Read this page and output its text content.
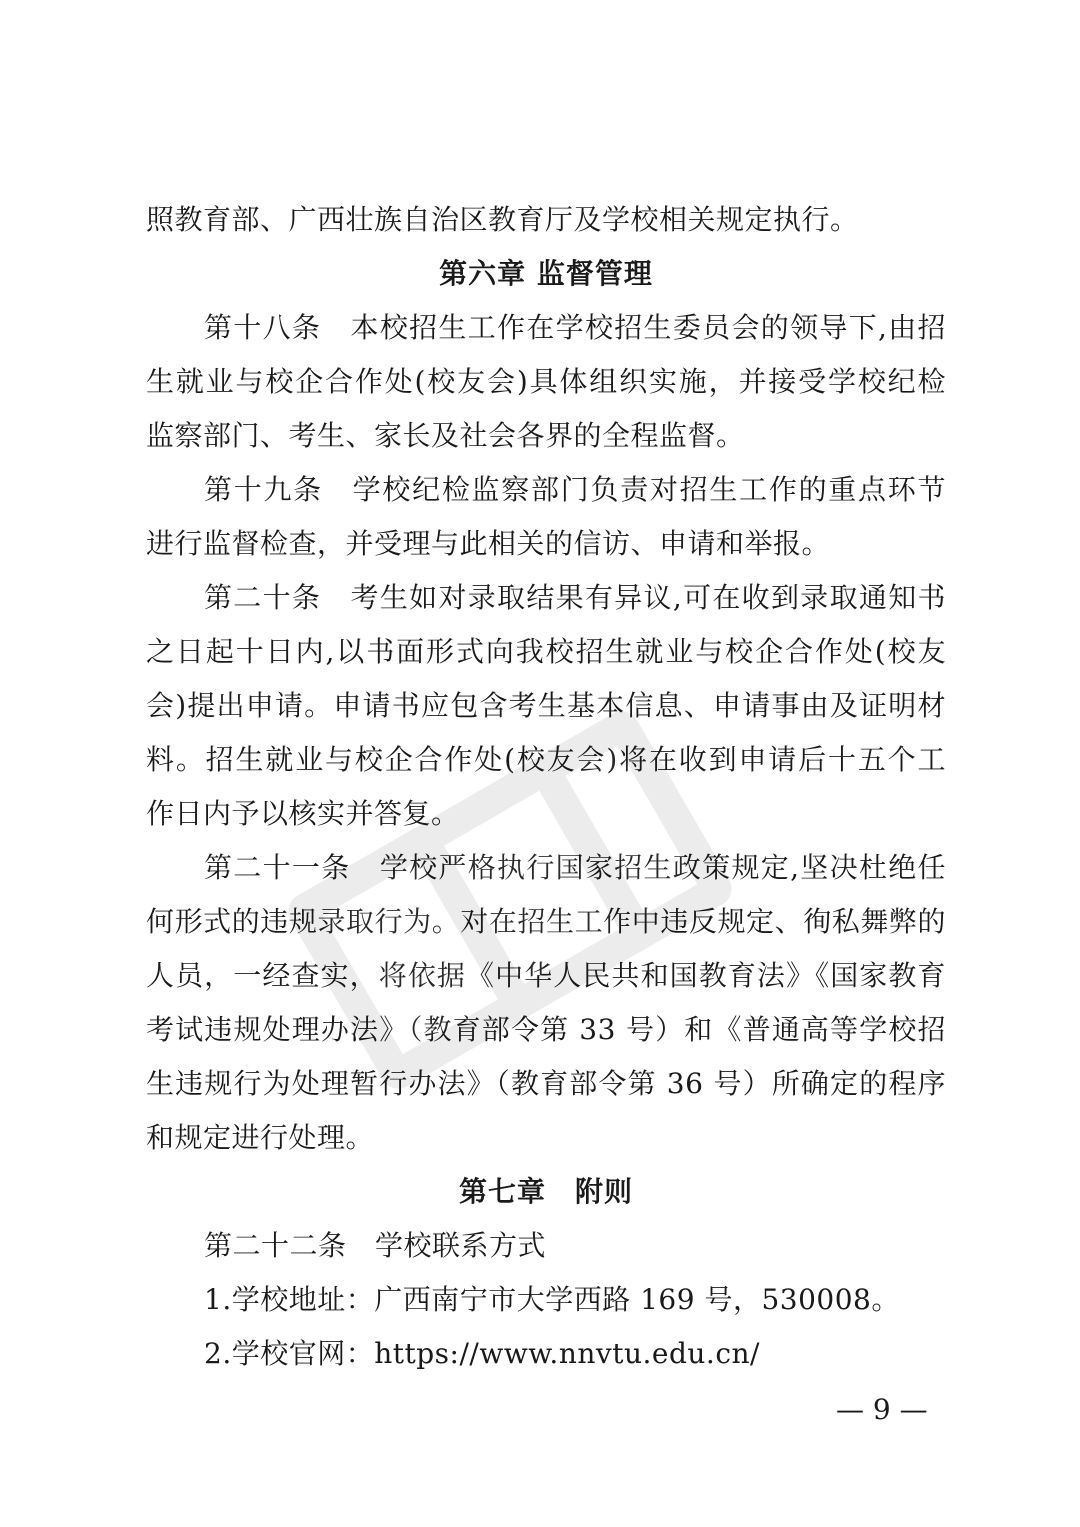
照教育部、广西壮族自治区教育厅及学校相关规定执行。
第六章 监督管理
第十八条　本校招生工作在学校招生委员会的领导下,由招
生就业与校企合作处(校友会)具体组织实施，并接受学校纪检
监察部门、考生、家长及社会各界的全程监督。
第十九条　学校纪检监察部门负责对招生工作的重点环节
进行监督检查，并受理与此相关的信访、申请和举报。
第二十条　考生如对录取结果有异议,可在收到录取通知书
之日起十日内,以书面形式向我校招生就业与校企合作处(校友
会)提出申请。申请书应包含考生基本信息、申请事由及证明材
料。招生就业与校企合作处(校友会)将在收到申请后十五个工
作日内予以核实并答复。
第二十一条　学校严格执行国家招生政策规定,坚决杜绝任
何形式的违规录取行为。对在招生工作中违反规定、徇私舞弊的
人员，一经查实，将依据《中华人民共和国教育法》《国家教育
考试违规处理办法》（教育部令第 33 号）和《普通高等学校招
生违规行为处理暂行办法》（教育部令第 36 号）所确定的程序
和规定进行处理。
第七章　附则
第二十二条　学校联系方式
1.学校地址：广西南宁市大学西路 169 号，530008。
2.学校官网：https://www.nnvtu.edu.cn/
— 9 —
